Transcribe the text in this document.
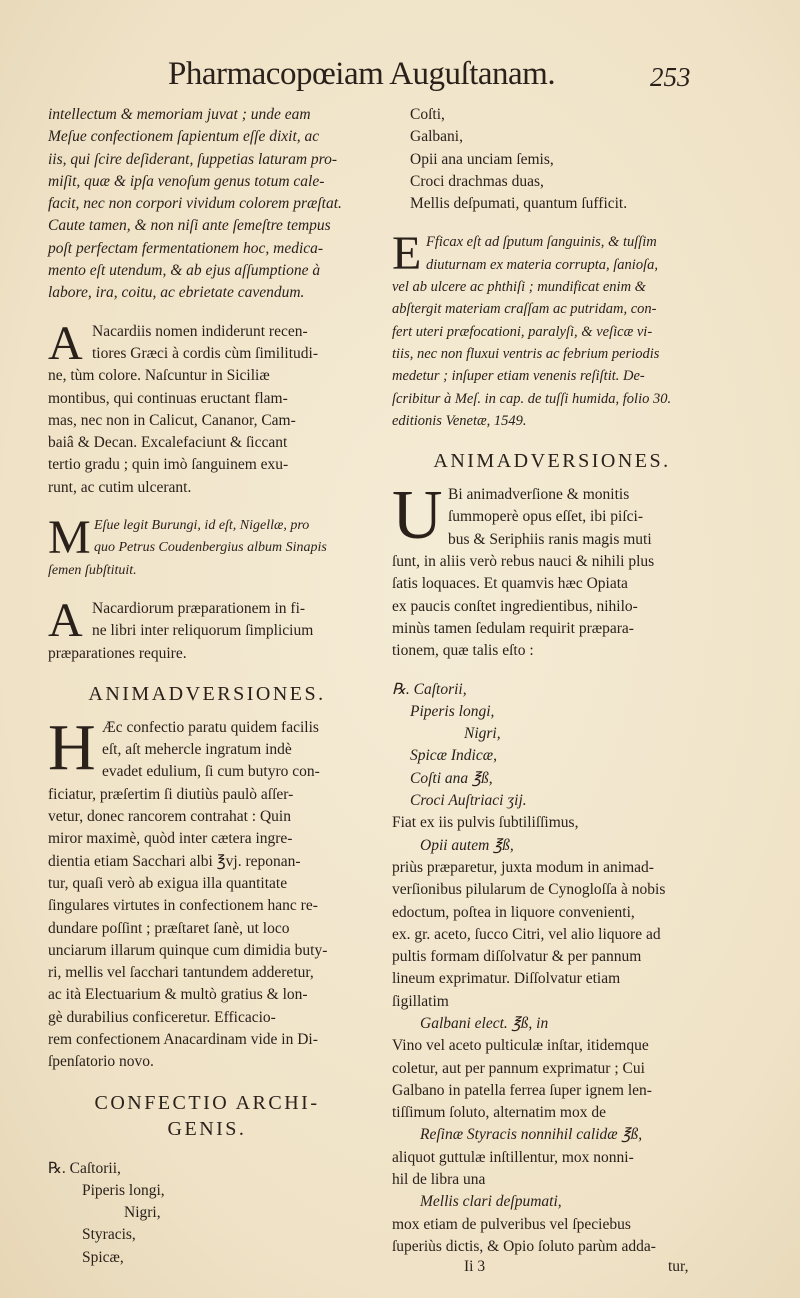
Pharmacopœiam Auguſtanam.	253
intellectum & memoriam juvat ; unde eam
Meſue confectionem ſapientum eſſe dixit, ac
iis, qui ſcire deſiderant, ſuppetias laturam pro-
miſit, quæ & ipſa venoſum genus totum cale-
facit, nec non corpori vividum colorem præſtat.
Caute tamen, & non niſi ante ſemeſtre tempus
poſt perfectam fermentationem hoc, medica-
mento eſt utendum, & ab ejus aſſumptione à
labore, ira, coitu, ac ebrietate cavendum.
A Nacardiis nomen indiderunt recen-
tiores Græci à cordis cùm ſimilitudi-
ne, tùm colore. Naſcuntur in Siciliæ
montibus, qui continuas eructant flam-
mas, nec non in Calicut, Cananor, Cam-
baiâ & Decan. Excalefaciunt & ſiccant
tertio gradu ; quin imò ſanguinem exu-
runt, ac cutim ulcerant.
M Eſue legit Burungi, id eſt, Nigellæ, pro
quo Petrus Coudenbergius album Sinapis
ſemen ſubſtituit.
A Nacardiorum præparationem in fi-
ne libri inter reliquorum ſimplicium
præparationes require.
ANIMADVERSIONES.
H Æc confectio paratu quidem facilis
eſt, aſt mehercle ingratum indè
evadet edulium, ſi cum butyro con-
ficiatur, præſertim ſi diutiùs paulò aſſer-
vetur, donec rancorem contrahat : Quin
miror maximè, quòd inter cætera ingre-
dientia etiam Sacchari albi ℥vj. reponan-
tur, quaſi verò ab exigua illa quantitate
ſingulares virtutes in confectionem hanc re-
dundare poſſint ; præſtaret ſanè, ut loco
unciarum illarum quinque cum dimidia buty-
ri, mellis vel ſacchari tantundem adderetur,
ac ità Electuarium & multò gratius & lon-
gè durabilius conficeretur. Efficacio-
rem confectionem Anacardinam vide in Di-
ſpenſatorio novo.
CONFECTIO ARCHI-
GENIS.
℞. Caſtorii,
Piperis longi,
Nigri,
Styracis,
Spicæ,
Coſti,
Galbani,
Opii ana unciam ſemis,
Croci drachmas duas,
Mellis deſpumati, quantum ſufficit.
E Fficax eſt ad ſputum ſanguinis, & tuſſim
diuturnam ex materia corrupta, ſanioſa,
vel ab ulcere ac phthiſi ; mundificat enim &
abſtergit materiam craſſam ac putridam, con-
fert uteri præfocationi, paralyſi, & veſicæ vi-
tiis, nec non fluxui ventris ac febrium periodis
medetur ; inſuper etiam venenis reſiſtit. De-
ſcribitur à Meſ. in cap. de tuſſi humida, folio 30.
editionis Venetæ, 1549.
ANIMADVERSIONES.
U Bi animadverſione & monitis
ſummoperè opus eſſet, ibi piſci-
bus & Seriphiis ranis magis muti
ſunt, in aliis verò rebus nauci & nihili plus
ſatis loquaces. Et quamvis hæc Opiata
ex paucis conſtet ingredientibus, nihilo-
minùs tamen ſedulam requirit præpara-
tionem, quæ talis eſto :
℞. Caſtorii,
Piperis longi,
Nigri,
Spicæ Indicæ,
Coſti ana ℥ß,
Croci Auſtriaci ʒij.
Fiat ex iis pulvis ſubtiliſſimus,
Opii autem ℥ß,
priùs præparetur, juxta modum in animad-
verſionibus pilularum de Cynogloſſa à nobis
edoctum, poſtea in liquore convenienti,
ex. gr. aceto, ſucco Citri, vel alio liquore ad
pultis formam diſſolvatur & per pannum
lineum exprimatur. Diſſolvatur etiam
ſigillatim
Galbani elect. ℥ß, in
Vino vel aceto pulticulæ inſtar, itidemque
coletur, aut per pannum exprimatur ; Cui
Galbano in patella ferrea ſuper ignem len-
tiſſimum ſoluto, alternatim mox de
Reſinæ Styracis nonnihil calidæ ℥ß,
aliquot guttulæ inſtillentur, mox nonni-
hil de libra una
Mellis clari deſpumati,
mox etiam de pulveribus vel ſpeciebus
ſuperiùs dictis, & Opio ſoluto parùm adda-
Ii 3	tur,
